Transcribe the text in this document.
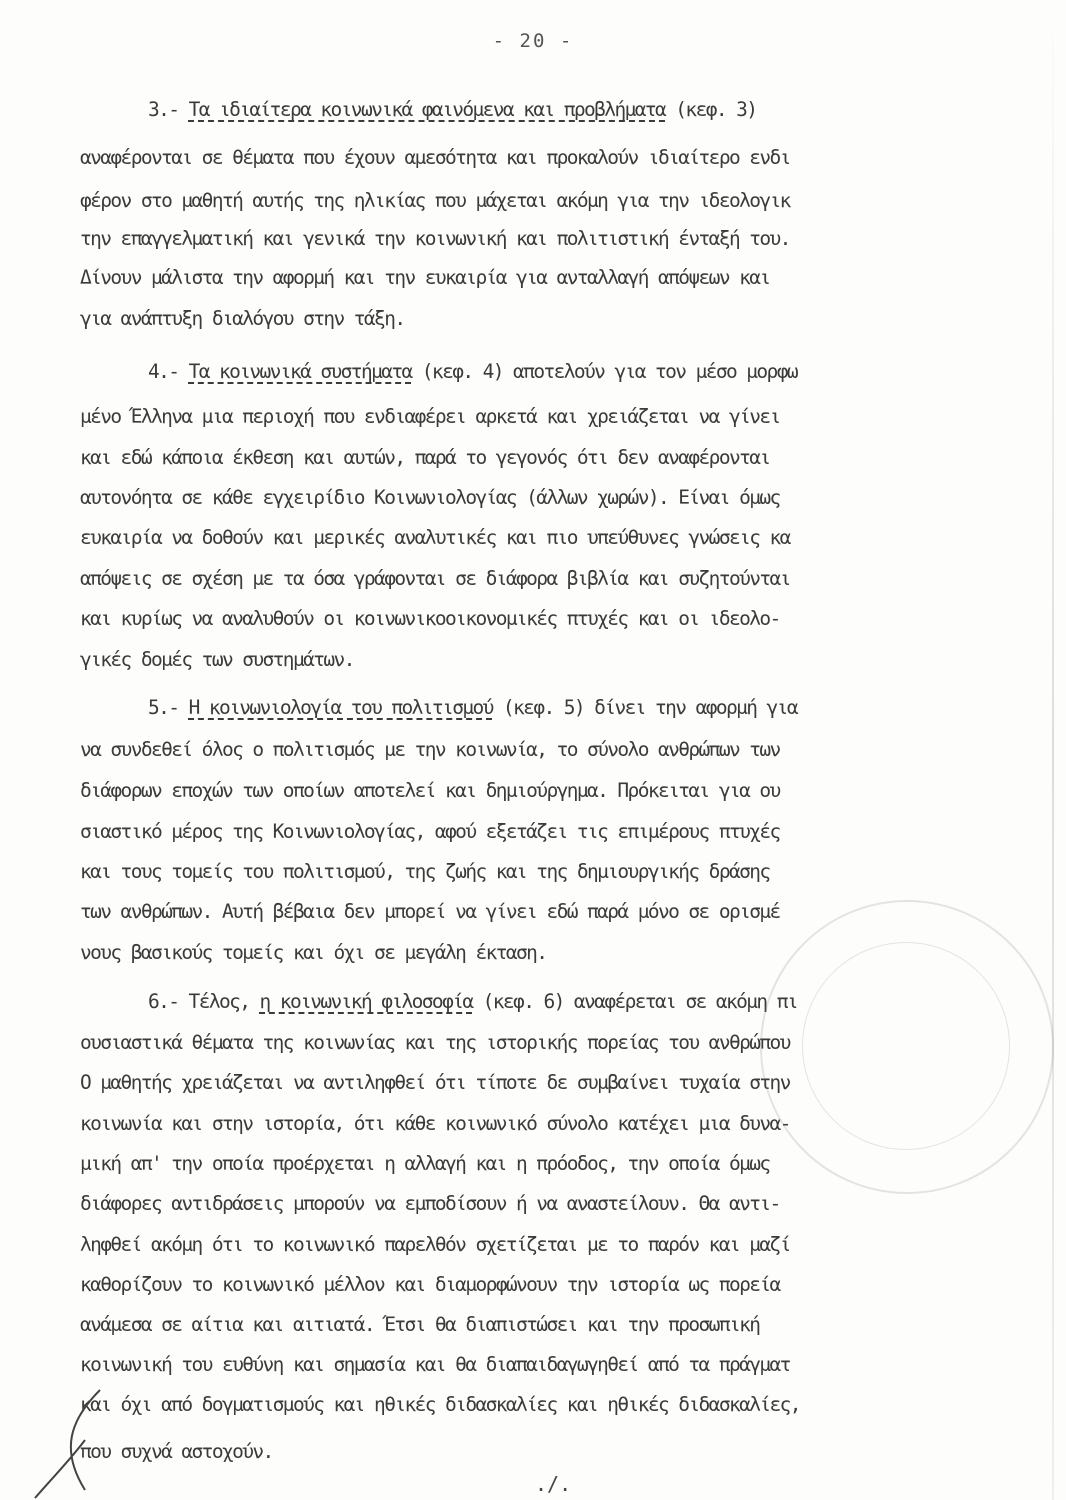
- 20 -
3.- Τα ιδιαίτερα κοινωνικά φαινόμενα και προβλήματα (κεφ. 3)
αναφέρονται σε θέματα που έχουν αμεσότητα και προκαλούν ιδιαίτερο ενδι
φέρον στο μαθητή αυτής της ηλικίας που μάχεται ακόμη για την ιδεολογικ
την επαγγελματική και γενικά την κοινωνική και πολιτιστική ένταξή του.
Δίνουν μάλιστα την αφορμή και την ευκαιρία για ανταλλαγή απόψεων και
για ανάπτυξη διαλόγου στην τάξη.
4.- Τα κοινωνικά συστήματα (κεφ. 4) αποτελούν για τον μέσο μορφω
μένο Έλληνα μια περιοχή που ενδιαφέρει αρκετά και χρειάζεται να γίνει
και εδώ κάποια έκθεση και αυτών, παρά το γεγονός ότι δεν αναφέρονται
αυτονόητα σε κάθε εγχειρίδιο Κοινωνιολογίας (άλλων χωρών). Είναι όμως
ευκαιρία να δοθούν και μερικές αναλυτικές και πιο υπεύθυνες γνώσεις κα
απόψεις σε σχέση με τα όσα γράφονται σε διάφορα βιβλία και συζητούνται
και κυρίως να αναλυθούν οι κοινωνικοοικονομικές πτυχές και οι ιδεολο-
γικές δομές των συστημάτων.
5.- Η κοινωνιολογία του πολιτισμού (κεφ. 5) δίνει την αφορμή για
να συνδεθεί όλος ο πολιτισμός με την κοινωνία, το σύνολο ανθρώπων των
διάφορων εποχών των οποίων αποτελεί και δημιούργημα. Πρόκειται για ου
σιαστικό μέρος της Κοινωνιολογίας, αφού εξετάζει τις επιμέρους πτυχές
και τους τομείς του πολιτισμού, της ζωής και της δημιουργικής δράσης
των ανθρώπων. Αυτή βέβαια δεν μπορεί να γίνει εδώ παρά μόνο σε ορισμέ
νους βασικούς τομείς και όχι σε μεγάλη έκταση.
6.- Τέλος, η κοινωνική φιλοσοφία (κεφ. 6) αναφέρεται σε ακόμη πι
ουσιαστικά θέματα της κοινωνίας και της ιστορικής πορείας του ανθρώπου
Ο μαθητής χρειάζεται να αντιληφθεί ότι τίποτε δε συμβαίνει τυχαία στην
κοινωνία και στην ιστορία, ότι κάθε κοινωνικό σύνολο κατέχει μια δυνα-
μική απ' την οποία προέρχεται η αλλαγή και η πρόοδος, την οποία όμως
διάφορες αντιδράσεις μπορούν να εμποδίσουν ή να αναστείλουν. Θα αντι-
ληφθεί ακόμη ότι το κοινωνικό παρελθόν σχετίζεται με το παρόν και μαζί
καθορίζουν το κοινωνικό μέλλον και διαμορφώνουν την ιστορία ως πορεία
ανάμεσα σε αίτια και αιτιατά. Έτσι θα διαπιστώσει και την προσωπική
κοινωνική του ευθύνη και σημασία και θα διαπαιδαγωγηθεί από τα πράγματ
και όχι από δογματισμούς και ηθικές διδασκαλίες και ηθικές διδασκαλίες,
που συχνά αστοχούν.
./.
